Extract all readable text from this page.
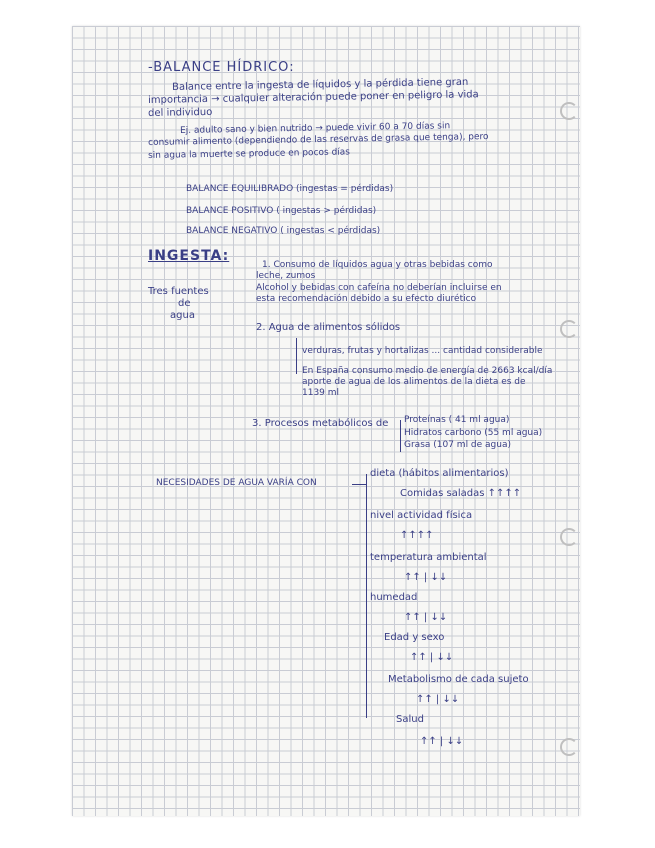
-BALANCE HÍDRICO:
Balance entre la ingesta de líquidos y la pérdida tiene gran
importancia → cualquier alteración puede poner en peligro la vida
del individuo
Ej. adulto sano y bien nutrido → puede vivir 60 a 70 días sin
consumir alimento (dependiendo de las reservas de grasa que tenga), pero
sin agua la muerte se produce en pocos días
BALANCE EQUILIBRADO (ingestas = pérdidas)
BALANCE POSITIVO ( ingestas > pérdidas)
BALANCE NEGATIVO ( ingestas < pérdidas)
INGESTA:
Tres fuentes
de
agua
1. Consumo de líquidos agua y otras bebidas como
leche, zumos
Alcohol y bebidas con cafeína no deberían incluirse en
esta recomendación debido a su efecto diurético
2. Agua de alimentos sólidos
verduras, frutas y hortalizas ... cantidad considerable
En España consumo medio de energía de 2663 kcal/día
aporte de agua de los alimentos de la dieta es de
1139 ml
3. Procesos metabólicos de Proteínas ( 41 ml agua)
Hidratos carbono (55 ml agua)
Grasa (107 ml de agua)
NECESIDADES DE AGUA VARÍA CON
dieta (hábitos alimentarios)
Comidas saladas ↑↑↑↑
nivel actividad física
↑↑↑↑
temperatura ambiental
↑↑ | ↓↓
humedad
↑↑ | ↓↓
Edad y sexo
↑↑ | ↓↓
Metabolismo de cada sujeto
↑↑ | ↓↓
Salud
↑↑ | ↓↓
